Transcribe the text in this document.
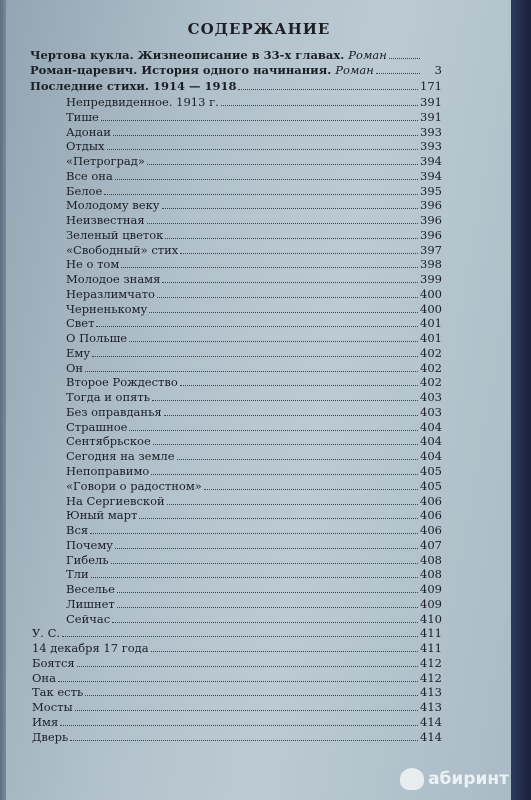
СОДЕРЖАНИЕ
Чертова кукла. Жизнеописание в 33-х главах. Роман
Роман-царевич. История одного начинания. Роман	3
Последние стихи. 1914 — 1918	171
Непредвиденное. 1913 г.	391
Тише	391
Адонаи	393
Отдых	393
«Петроград»	394
Все она	394
Белое	395
Молодому веку	396
Неизвестная	396
Зеленый цветок	396
«Свободный» стих	397
Не о том	398
Молодое знамя	399
Неразлимчато	400
Черненькому	400
Свет	401
О Польше	401
Ему	402
Он	402
Второе Рождество	402
Тогда и опять	403
Без оправданья	403
Страшное	404
Сентябрьское	404
Сегодня на земле	404
Непоправимо	405
«Говори о радостном»	405
На Сергиевской	406
Юный март	406
Вся	406
Почему	407
Гибель	408
Тли	408
Веселье	409
Лишнет	409
Сейчас	410
У. С.	411
14 декабря 17 года	411
Боятся	412
Она	412
Так есть	413
Мосты	413
Имя	414
Дверь	414
абиринт
